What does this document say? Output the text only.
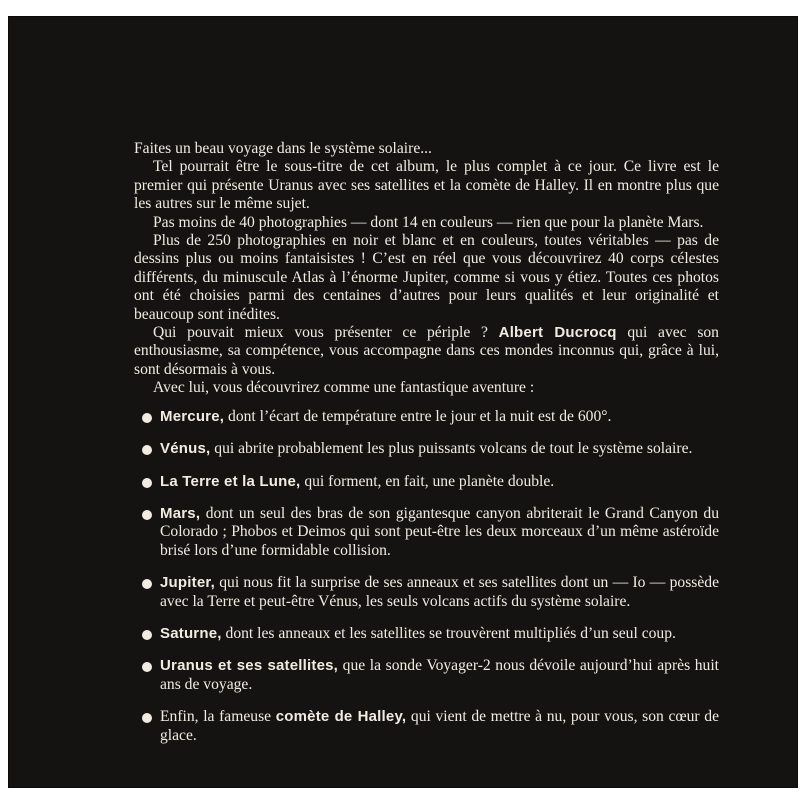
Faites un beau voyage dans le système solaire...

Tel pourrait être le sous-titre de cet album, le plus complet à ce jour. Ce livre est le premier qui présente Uranus avec ses satellites et la comète de Halley. Il en montre plus que les autres sur le même sujet.

Pas moins de 40 photographies — dont 14 en couleurs — rien que pour la planète Mars.

Plus de 250 photographies en noir et blanc et en couleurs, toutes véritables — pas de dessins plus ou moins fantaisistes ! C’est en réel que vous découvrirez 40 corps célestes différents, du minuscule Atlas à l’énorme Jupiter, comme si vous y étiez. Toutes ces photos ont été choisies parmi des centaines d’autres pour leurs qualités et leur originalité et beaucoup sont inédites.

Qui pouvait mieux vous présenter ce périple ? Albert Ducrocq qui avec son enthousiasme, sa compétence, vous accompagne dans ces mondes inconnus qui, grâce à lui, sont désormais à vous.

Avec lui, vous découvrirez comme une fantastique aventure :

Mercure, dont l’écart de température entre le jour et la nuit est de 600°.
Vénus, qui abrite probablement les plus puissants volcans de tout le système solaire.
La Terre et la Lune, qui forment, en fait, une planète double.
Mars, dont un seul des bras de son gigantesque canyon abriterait le Grand Canyon du Colorado ; Phobos et Deimos qui sont peut-être les deux morceaux d’un même astéroïde brisé lors d’une formidable collision.
Jupiter, qui nous fit la surprise de ses anneaux et ses satellites dont un — Io — possède avec la Terre et peut-être Vénus, les seuls volcans actifs du système solaire.
Saturne, dont les anneaux et les satellites se trouvèrent multipliés d’un seul coup.
Uranus et ses satellites, que la sonde Voyager-2 nous dévoile aujourd’hui après huit ans de voyage.
Enfin, la fameuse comète de Halley, qui vient de mettre à nu, pour vous, son cœur de glace.
